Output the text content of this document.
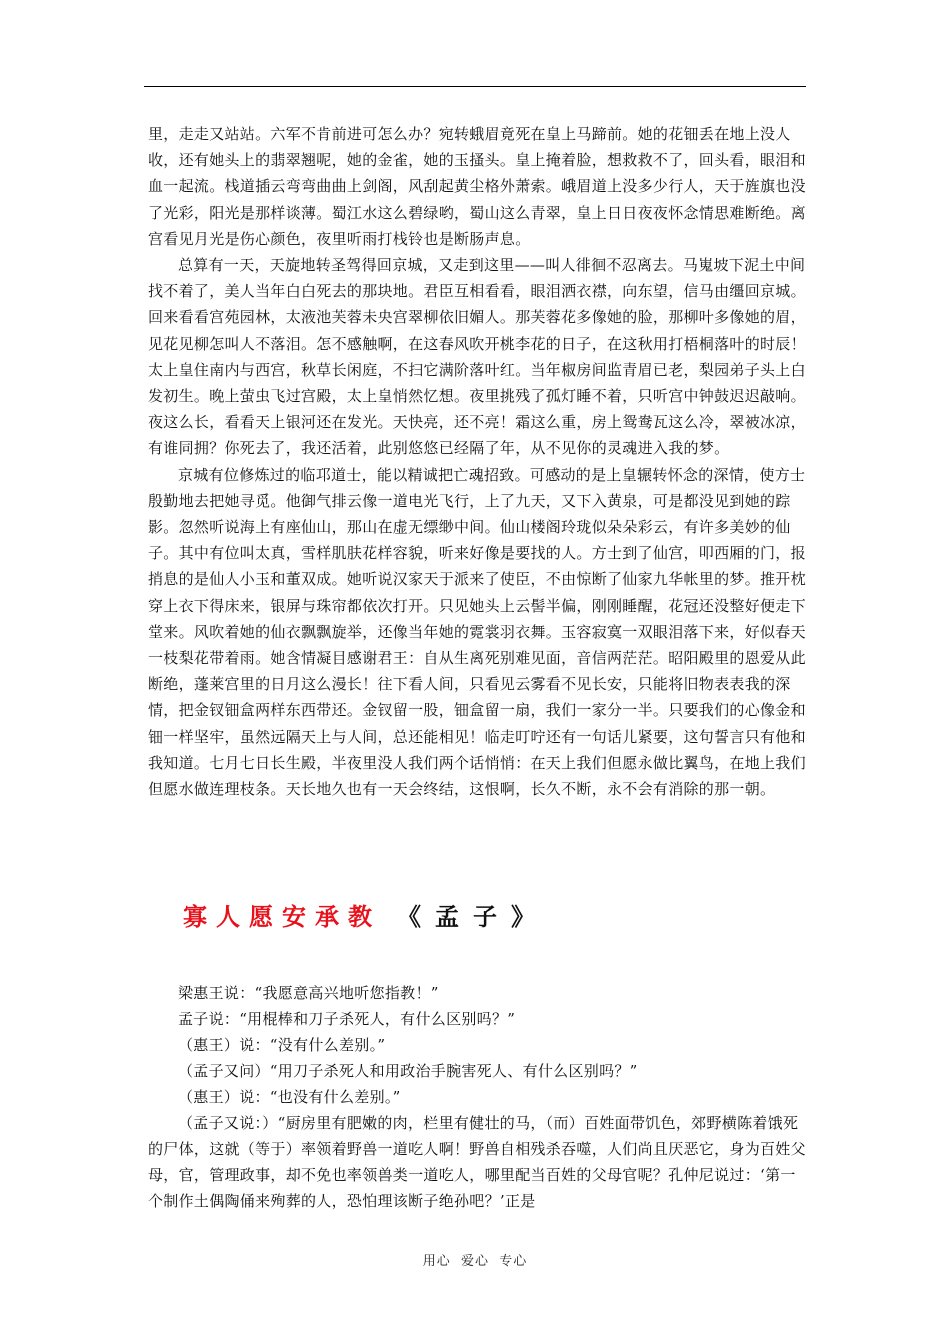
里，走走又站站。六军不肯前进可怎么办？宛转蛾眉竟死在皇上马蹄前。她的花钿丢在地上没人收，还有她头上的翡翠翘呢，她的金雀，她的玉搔头。皇上掩着脸，想救救不了，回头看，眼泪和血一起流。栈道插云弯弯曲曲上剑阁，风刮起黄尘格外萧索。峨眉道上没多少行人，天于旌旗也没了光彩，阳光是那样谈薄。蜀江水这么碧绿哟，蜀山这么青翠，皇上日日夜夜怀念情思难断绝。离宫看见月光是伤心颜色，夜里听雨打栈铃也是断肠声息。

总算有一天，天旋地转圣驾得回京城，又走到这里——叫人徘徊不忍离去。马嵬坡下泥土中间找不着了，美人当年白白死去的那块地。君臣互相看看，眼泪洒衣襟，向东望，信马由缰回京城。回来看看宫苑园林，太液池芙蓉未央宫翠柳依旧媚人。那芙蓉花多像她的脸，那柳叶多像她的眉，见花见柳怎叫人不落泪。怎不感触啊，在这春风吹开桃李花的日子，在这秋用打梧桐落叶的时辰！太上皇住南内与西宫，秋草长闲庭，不扫它满阶落叶红。当年椒房间监青眉已老，梨园弟子头上白发初生。晚上萤虫飞过宫殿，太上皇悄然忆想。夜里挑残了孤灯睡不着，只听宫中钟鼓迟迟敲响。夜这么长，看看天上银河还在发光。天快亮，还不亮！霜这么重，房上鸳鸯瓦这么冷，翠被冰凉，有谁同拥？你死去了，我还活着，此别悠悠已经隔了年，从不见你的灵魂进入我的梦。

京城有位修炼过的临邛道士，能以精诚把亡魂招致。可感动的是上皇辗转怀念的深情，使方士殷勤地去把她寻觅。他御气排云像一道电光飞行，上了九天，又下入黄泉，可是都没见到她的踪影。忽然听说海上有座仙山，那山在虚无缥缈中间。仙山楼阁玲珑似朵朵彩云，有许多美妙的仙子。其中有位叫太真，雪样肌肤花样容貌，听来好像是要找的人。方士到了仙宫，叩西厢的门，报捎息的是仙人小玉和董双成。她听说汉家天于派来了使臣，不由惊断了仙家九华帐里的梦。推开枕穿上衣下得床来，银屏与珠帘都依次打开。只见她头上云髻半偏，刚刚睡醒，花冠还没整好便走下堂来。风吹着她的仙衣飘飘旋举，还像当年她的霓裳羽衣舞。玉容寂寞一双眼泪落下来，好似春天一枝梨花带着雨。她含情凝目感谢君王：自从生离死别难见面，音信两茫茫。昭阳殿里的恩爱从此断绝，蓬莱宫里的日月这么漫长！往下看人间，只看见云雾看不见长安，只能将旧物表表我的深情，把金钗钿盒两样东西带还。金钗留一股，钿盒留一扇，我们一家分一半。只要我们的心像金和钿一样坚牢，虽然远隔天上与人间，总还能相见！临走叮咛还有一句话儿紧要，这句誓言只有他和我知道。七月七日长生殿，半夜里没人我们两个话悄悄：在天上我们但愿永做比翼鸟，在地上我们但愿水做连理枝条。天长地久也有一天会终结，这恨啊，长久不断，永不会有消除的那一朝。

寡人愿安承教 《孟子》

梁惠王说：“我愿意高兴地听您指教！”

孟子说：“用棍棒和刀子杀死人，有什么区别吗？”

（惠王）说：“没有什么差别。”

（孟子又问）“用刀子杀死人和用政治手腕害死人、有什么区别吗？”

（惠王）说：“也没有什么差别。”

（孟子又说：）“厨房里有肥嫩的肉，栏里有健壮的马，（而）百姓面带饥色，郊野横陈着饿死的尸体，这就（等于）率领着野兽一道吃人啊！野兽自相残杀吞噬，人们尚且厌恶它，身为百姓父母，官，管理政事，却不免也率领兽类一道吃人，哪里配当百姓的父母官呢？孔仲尼说过：‘第一个制作土偶陶俑来殉葬的人，恐怕理该断子绝孙吧？’正是

用心  爱心  专心
